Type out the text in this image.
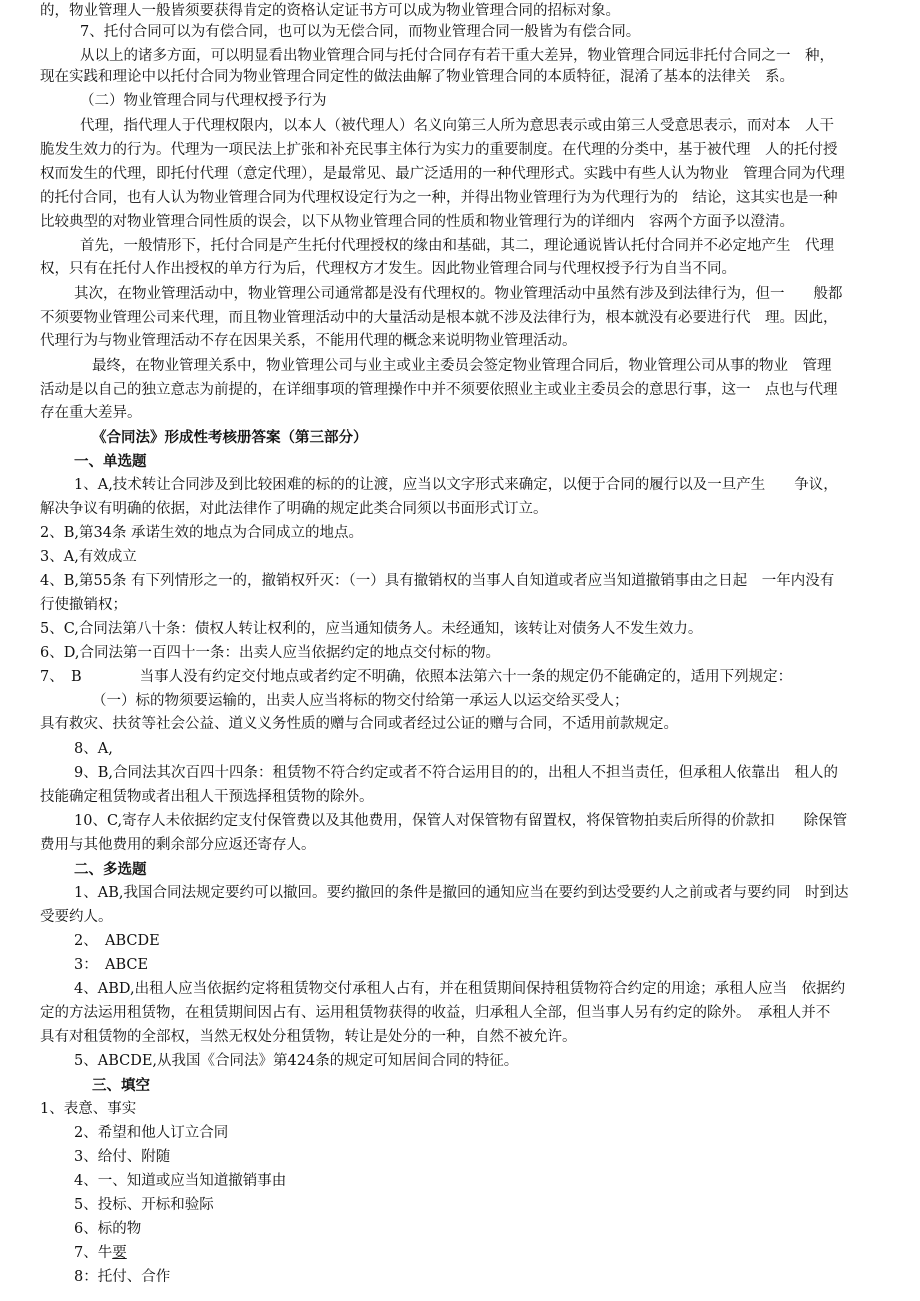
的，物业管理人一般皆须要获得肯定的资格认定证书方可以成为物业管理合同的招标对象。
7、托付合同可以为有偿合同，也可以为无偿合同，而物业管理合同一般皆为有偿合同。
从以上的诸多方面，可以明显看出物业管理合同与托付合同存有若干重大差异，物业管理合同远非托付合同之一　种，
现在实践和理论中以托付合同为物业管理合同定性的做法曲解了物业管理合同的本质特征，混淆了基本的法律关　系。
（二）物业管理合同与代理权授予行为
代理，指代理人于代理权限内，以本人（被代理人）名义向第三人所为意思表示或由第三人受意思表示，而对本　人干
脆发生效力的行为。代理为一项民法上扩张和补充民事主体行为实力的重要制度。在代理的分类中，基于被代理　人的托付授
权而发生的代理，即托付代理（意定代理），是最常见、最广泛适用的一种代理形式。实践中有些人认为物业　管理合同为代理
的托付合同，也有人认为物业管理合同为代理权设定行为之一种，并得出物业管理行为为代理行为的　结论，这其实也是一种
比较典型的对物业管理合同性质的误会，以下从物业管理合同的性质和物业管理行为的详细内　容两个方面予以澄清。
首先，一般情形下，托付合同是产生托付代理授权的缘由和基础，其二，理论通说皆认托付合同并不必定地产生　代理
权，只有在托付人作出授权的单方行为后，代理权方才发生。因此物业管理合同与代理权授予行为自当不同。
其次，在物业管理活动中，物业管理公司通常都是没有代理权的。物业管理活动中虽然有涉及到法律行为，但一　　般都
不须要物业管理公司来代理，而且物业管理活动中的大量活动是根本就不涉及法律行为，根本就没有必要进行代　理。因此，
代理行为与物业管理活动不存在因果关系，不能用代理的概念来说明物业管理活动。
最终，在物业管理关系中，物业管理公司与业主或业主委员会签定物业管理合同后，物业管理公司从事的物业　管理
活动是以自己的独立意志为前提的，在详细事项的管理操作中并不须要依照业主或业主委员会的意思行事，这一　点也与代理
存在重大差异。
《合同法》形成性考核册答案（第三部分）
一、单选题
1、A,技术转让合同涉及到比较困难的标的的让渡，应当以文字形式来确定，以便于合同的履行以及一旦产生　　争议，
解决争议有明确的依据，对此法律作了明确的规定此类合同须以书面形式订立。
2、B,第34条 承诺生效的地点为合同成立的地点。
3、A,有效成立
4、B,第55条 有下列情形之一的，撤销权歼灭：（一）具有撤销权的当事人自知道或者应当知道撤销事由之日起　一年内没有
行使撤销权；
5、C,合同法第八十条：债权人转让权利的，应当通知债务人。未经通知，该转让对债务人不发生效力。
6、D,合同法第一百四十一条：出卖人应当依据约定的地点交付标的物。
7、　B　　　　当事人没有约定交付地点或者约定不明确，依照本法第六十一条的规定仍不能确定的，适用下列规定：
（一）标的物须要运输的，出卖人应当将标的物交付给第一承运人以运交给买受人；
具有救灾、扶贫等社会公益、道义义务性质的赠与合同或者经过公证的赠与合同，不适用前款规定。
8、A,
9、B,合同法其次百四十四条：租赁物不符合约定或者不符合运用目的的，出租人不担当责任，但承租人依靠出　租人的
技能确定租赁物或者出租人干预选择租赁物的除外。
10、C,寄存人未依据约定支付保管费以及其他费用，保管人对保管物有留置权，将保管物拍卖后所得的价款扣　　除保管
费用与其他费用的剩余部分应返还寄存人。
二、多选题
1、AB,我国合同法规定要约可以撤回。要约撤回的条件是撤回的通知应当在要约到达受要约人之前或者与要约同　时到达
受要约人。
2、　ABCDE
3：　ABCE
4、ABD,出租人应当依据约定将租赁物交付承租人占有，并在租赁期间保持租赁物符合约定的用途；承租人应当　依据约
定的方法运用租赁物，在租赁期间因占有、运用租赁物获得的收益，归承租人全部，但当事人另有约定的除外。　承租人并不
具有对租赁物的全部权，当然无权处分租赁物，转让是处分的一种，自然不被允许。
5、ABCDE,从我国《合同法》第424条的规定可知居间合同的特征。
三、填空
1、表意、事实
2、希望和他人订立合同
3、给付、附随
4、一、知道或应当知道撤销事由
5、投标、开标和验际
6、标的物
7、牛要
8：托付、合作
